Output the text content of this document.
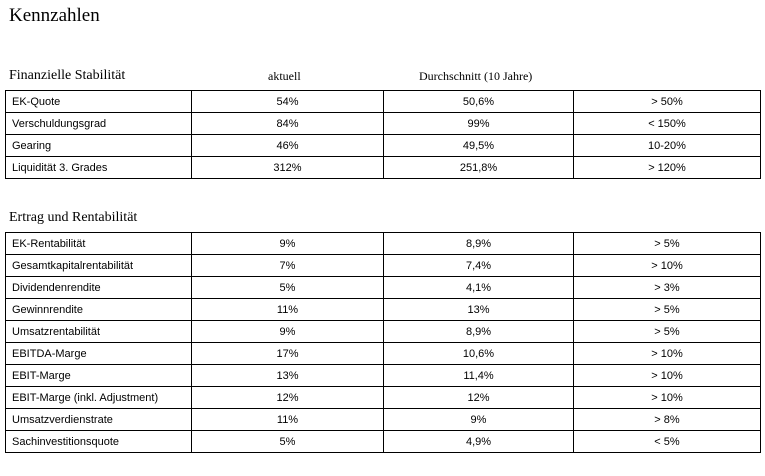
Kennzahlen
Finanzielle Stabilität	aktuell	Durchschnitt (10 Jahre)
EK-Quote	54%	50,6%	> 50%
Verschuldungsgrad	84%	99%	< 150%
Gearing	46%	49,5%	10-20%
Liquidität 3. Grades	312%	251,8%	> 120%
Ertrag und Rentabilität
EK-Rentabilität	9%	8,9%	> 5%
Gesamtkapitalrentabilität	7%	7,4%	> 10%
Dividendenrendite	5%	4,1%	> 3%
Gewinnrendite	11%	13%	> 5%
Umsatzrentabilität	9%	8,9%	> 5%
EBITDA-Marge	17%	10,6%	> 10%
EBIT-Marge	13%	11,4%	> 10%
EBIT-Marge (inkl. Adjustment)	12%	12%	> 10%
Umsatzverdienstrate	11%	9%	> 8%
Sachinvestitionsquote	5%	4,9%	< 5%
